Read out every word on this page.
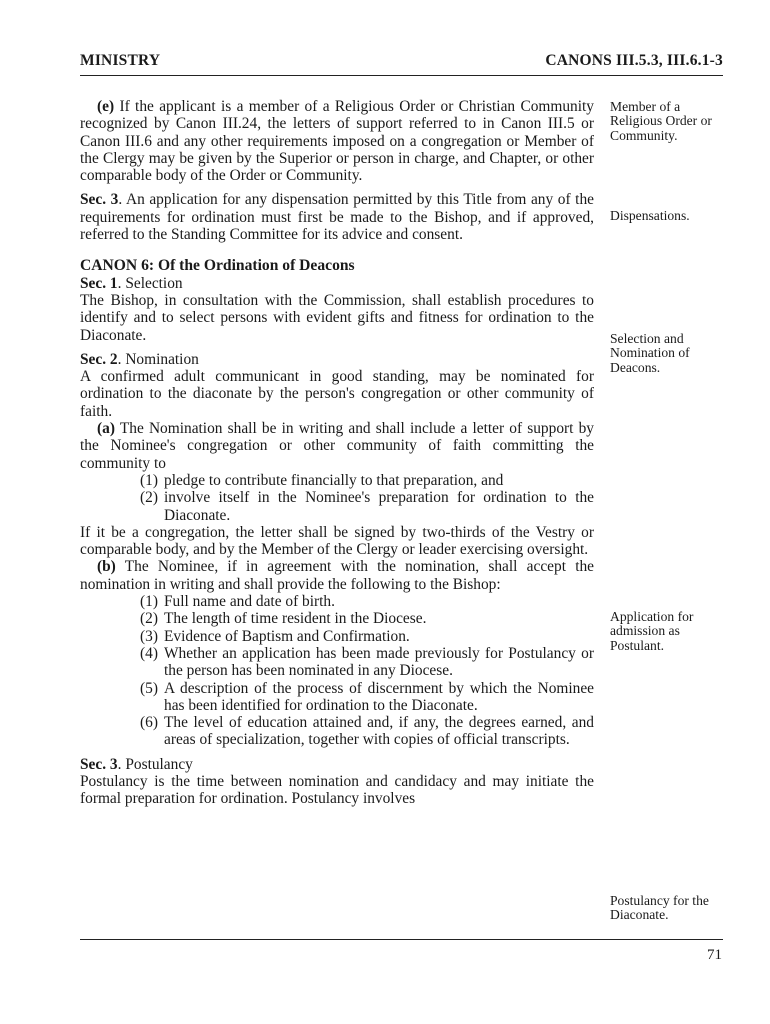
MINISTRY	CANONS III.5.3, III.6.1-3

(e) If the applicant is a member of a Religious Order or Christian Community recognized by Canon III.24, the letters of support referred to in Canon III.5 or Canon III.6 and any other requirements imposed on a congregation or Member of the Clergy may be given by the Superior or person in charge, and Chapter, or other comparable body of the Order or Community.

Sec. 3. An application for any dispensation permitted by this Title from any of the requirements for ordination must first be made to the Bishop, and if approved, referred to the Standing Committee for its advice and consent.

CANON 6: Of the Ordination of Deacons

Sec. 1. Selection

The Bishop, in consultation with the Commission, shall establish procedures to identify and to select persons with evident gifts and fitness for ordination to the Diaconate.

Sec. 2. Nomination

A confirmed adult communicant in good standing, may be nominated for ordination to the diaconate by the person's congregation or other community of faith.

(a) The Nomination shall be in writing and shall include a letter of support by the Nominee's congregation or other community of faith committing the community to

(1) pledge to contribute financially to that preparation, and
(2) involve itself in the Nominee's preparation for ordination to the Diaconate.

If it be a congregation, the letter shall be signed by two-thirds of the Vestry or comparable body, and by the Member of the Clergy or leader exercising oversight.

(b) The Nominee, if in agreement with the nomination, shall accept the nomination in writing and shall provide the following to the Bishop:

(1) Full name and date of birth.
(2) The length of time resident in the Diocese.
(3) Evidence of Baptism and Confirmation.
(4) Whether an application has been made previously for Postulancy or the person has been nominated in any Diocese.
(5) A description of the process of discernment by which the Nominee has been identified for ordination to the Diaconate.
(6) The level of education attained and, if any, the degrees earned, and areas of specialization, together with copies of official transcripts.

Sec. 3. Postulancy

Postulancy is the time between nomination and candidacy and may initiate the formal preparation for ordination. Postulancy involves

Member of a Religious Order or Community.
Dispensations.
Selection and Nomination of Deacons.
Application for admission as Postulant.
Postulancy for the Diaconate.
71
